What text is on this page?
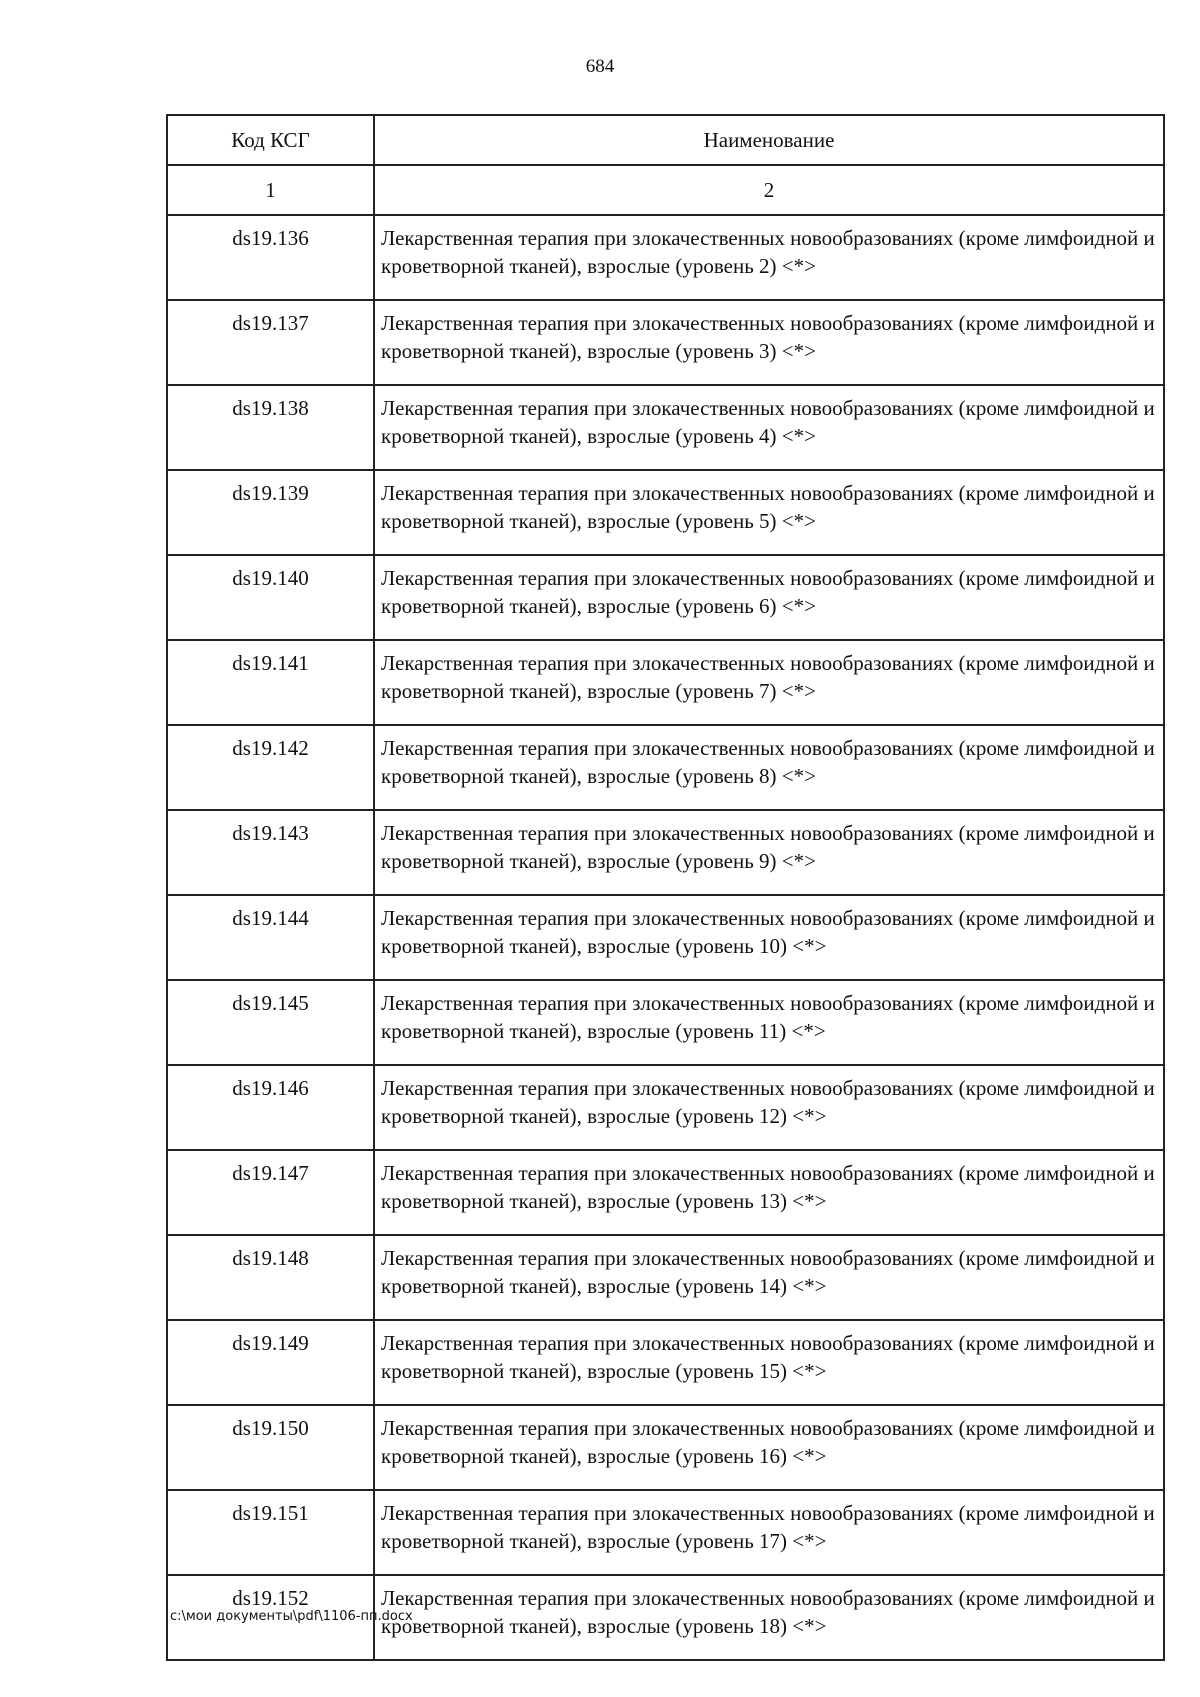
684
Код КСГ	Наименование
1	2
ds19.136	Лекарственная терапия при злокачественных новообразованиях (кроме лимфоидной и кроветворной тканей), взрослые (уровень 2) <*>
ds19.137	Лекарственная терапия при злокачественных новообразованиях (кроме лимфоидной и кроветворной тканей), взрослые (уровень 3) <*>
ds19.138	Лекарственная терапия при злокачественных новообразованиях (кроме лимфоидной и кроветворной тканей), взрослые (уровень 4) <*>
ds19.139	Лекарственная терапия при злокачественных новообразованиях (кроме лимфоидной и кроветворной тканей), взрослые (уровень 5) <*>
ds19.140	Лекарственная терапия при злокачественных новообразованиях (кроме лимфоидной и кроветворной тканей), взрослые (уровень 6) <*>
ds19.141	Лекарственная терапия при злокачественных новообразованиях (кроме лимфоидной и кроветворной тканей), взрослые (уровень 7) <*>
ds19.142	Лекарственная терапия при злокачественных новообразованиях (кроме лимфоидной и кроветворной тканей), взрослые (уровень 8) <*>
ds19.143	Лекарственная терапия при злокачественных новообразованиях (кроме лимфоидной и кроветворной тканей), взрослые (уровень 9) <*>
ds19.144	Лекарственная терапия при злокачественных новообразованиях (кроме лимфоидной и кроветворной тканей), взрослые (уровень 10) <*>
ds19.145	Лекарственная терапия при злокачественных новообразованиях (кроме лимфоидной и кроветворной тканей), взрослые (уровень 11) <*>
ds19.146	Лекарственная терапия при злокачественных новообразованиях (кроме лимфоидной и кроветворной тканей), взрослые (уровень 12) <*>
ds19.147	Лекарственная терапия при злокачественных новообразованиях (кроме лимфоидной и кроветворной тканей), взрослые (уровень 13) <*>
ds19.148	Лекарственная терапия при злокачественных новообразованиях (кроме лимфоидной и кроветворной тканей), взрослые (уровень 14) <*>
ds19.149	Лекарственная терапия при злокачественных новообразованиях (кроме лимфоидной и кроветворной тканей), взрослые (уровень 15) <*>
ds19.150	Лекарственная терапия при злокачественных новообразованиях (кроме лимфоидной и кроветворной тканей), взрослые (уровень 16) <*>
ds19.151	Лекарственная терапия при злокачественных новообразованиях (кроме лимфоидной и кроветворной тканей), взрослые (уровень 17) <*>
ds19.152	Лекарственная терапия при злокачественных новообразованиях (кроме лимфоидной и кроветворной тканей), взрослые (уровень 18) <*>
c:\мои документы\pdf\1106-пп.docx
